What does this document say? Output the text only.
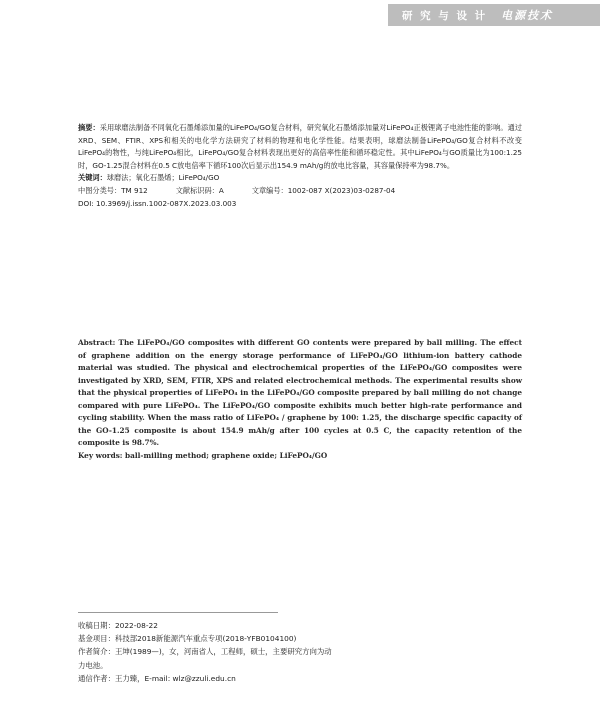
研 究 与 设 计	电源技术

摘要：采用球磨法制备不同氧化石墨烯添加量的LiFePO₄/GO复合材料，研究氧化石墨烯添加量对LiFePO₄正极锂离子电池性能的影响。通过XRD、SEM、FTIR、XPS和相关的电化学方法研究了材料的物理和电化学性能。结果表明，球磨法制备LiFePO₄/GO复合材料不改变LiFePO₄的物性，与纯LiFePO₄相比，LiFePO₄/GO复合材料表现出更好的高倍率性能和循环稳定性。其中LiFePO₄与GO质量比为100:1.25时，GO-1.25混合材料在0.5 C放电倍率下循环100次后显示出154.9 mAh/g的放电比容量，其容量保持率为98.7%。

关键词：球磨法；氧化石墨烯；LiFePO₄/GO

中图分类号：TM 912	文献标识码：A	文章编号：1002-087 X(2023)03-0287-04

DOI: 10.3969/j.issn.1002-087X.2023.03.003

Abstract: The LiFePO₄/GO composites with different GO contents were prepared by ball milling. The effect of graphene addition on the energy storage performance of LiFePO₄/GO lithium-ion battery cathode material was studied. The physical and electrochemical properties of the LiFePO₄/GO composites were investigated by XRD, SEM, FTIR, XPS and related electrochemical methods. The experimental results show that the physical properties of LiFePO₄ in the LiFePO₄/GO composite prepared by ball milling do not change compared with pure LiFePO₄. The LiFePO₄/GO composite exhibits much better high-rate performance and cycling stability. When the mass ratio of LiFePO₄ / graphene by 100: 1.25, the discharge specific capacity of the GO-1.25 composite is about 154.9 mAh/g after 100 cycles at 0.5 C, the capacity retention of the composite is 98.7%.

Key words: ball-milling method; graphene oxide; LiFePO₄/GO

收稿日期：2022-08-22

基金项目：科技部2018新能源汽车重点专项(2018-YFB0104100)

作者简介：王坤(1989—)，女，河南省人，工程师，硕士，主要研究方向为动力电池。

通信作者：王力臻，E-mail: wlz@zzuli.edu.cn
